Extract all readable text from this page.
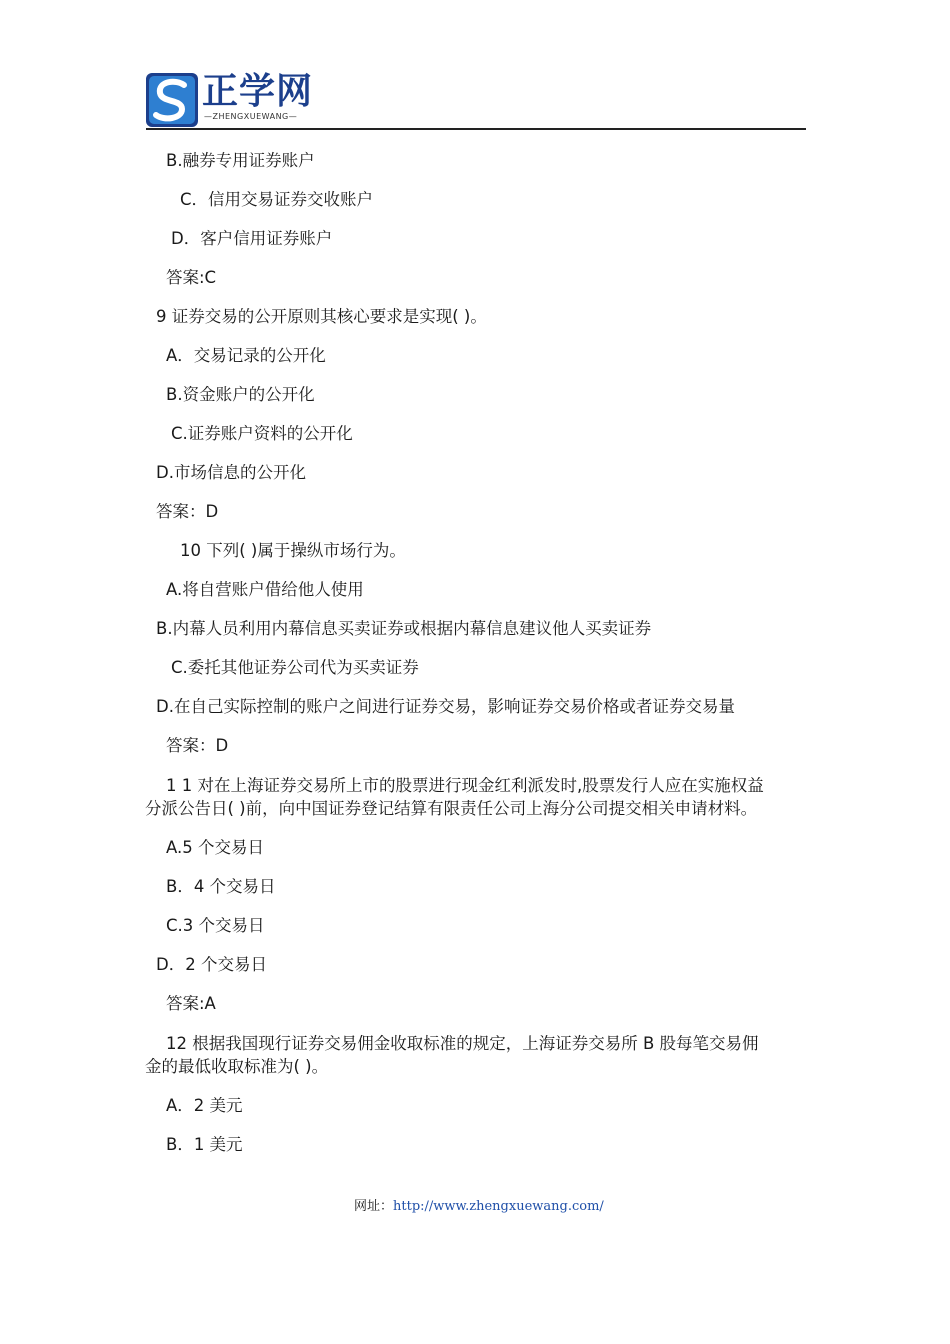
正学网
—ZHENGXUEWANG—
B.融券专用证券账户
C．信用交易证券交收账户
D．客户信用证券账户
答案:C
9 证券交易的公开原则其核心要求是实现( )。
A．交易记录的公开化
B.资金账户的公开化
C.证券账户资料的公开化
D.市场信息的公开化
答案：D
10 下列( )属于操纵市场行为。
A.将自营账户借给他人使用
B.内幕人员利用内幕信息买卖证券或根据内幕信息建议他人买卖证券
C.委托其他证券公司代为买卖证券
D.在自己实际控制的账户之间进行证券交易，影响证券交易价格或者证券交易量
答案：D
1 1 对在上海证券交易所上市的股票进行现金红利派发时,股票发行人应在实施权益
分派公告日( )前，向中国证券登记结算有限责任公司上海分公司提交相关申请材料。
A.5 个交易日
B．4 个交易日
C.3 个交易日
D．2 个交易日
答案:A
12 根据我国现行证券交易佣金收取标准的规定，上海证券交易所 B 股每笔交易佣
金的最低收取标准为( )。
A．2 美元
B．1 美元
网址：http://www.zhengxuewang.com/
